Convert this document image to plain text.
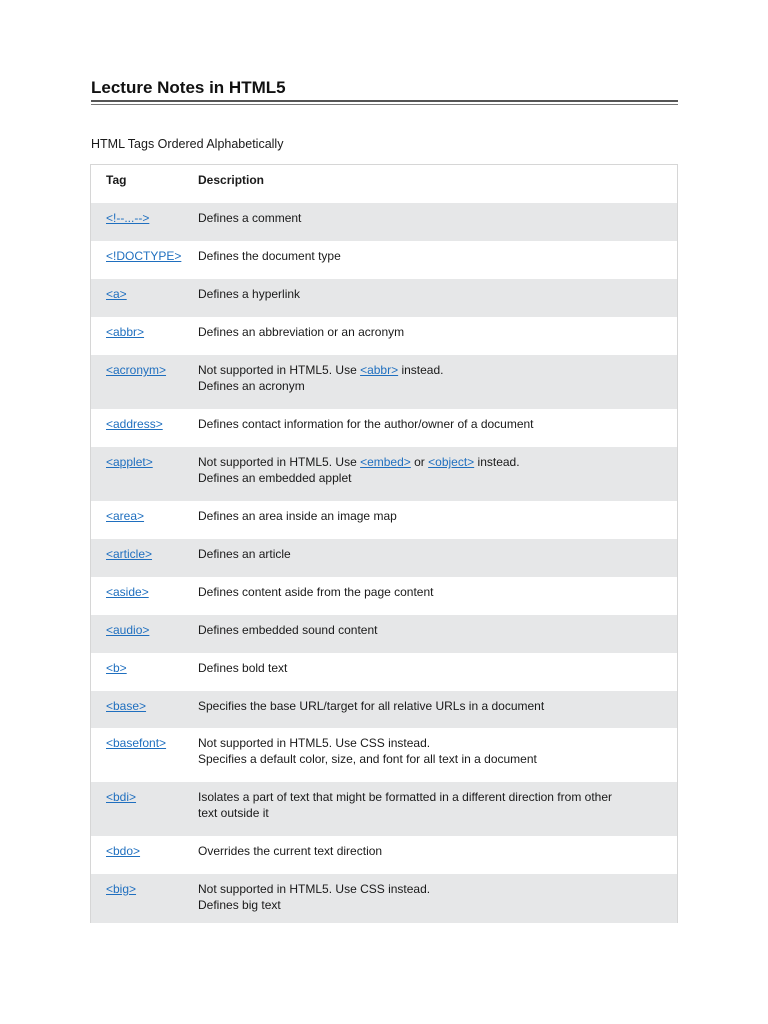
Lecture Notes in HTML5

HTML Tags Ordered Alphabetically

Tag	Description
<!--...-->	Defines a comment
<!DOCTYPE>	Defines the document type
<a>	Defines a hyperlink
<abbr>	Defines an abbreviation or an acronym
<acronym>	Not supported in HTML5. Use <abbr> instead.
Defines an acronym
<address>	Defines contact information for the author/owner of a document
<applet>	Not supported in HTML5. Use <embed> or <object> instead.
Defines an embedded applet
<area>	Defines an area inside an image map
<article>	Defines an article
<aside>	Defines content aside from the page content
<audio>	Defines embedded sound content
<b>	Defines bold text
<base>	Specifies the base URL/target for all relative URLs in a document
<basefont>	Not supported in HTML5. Use CSS instead.
Specifies a default color, size, and font for all text in a document
<bdi>	Isolates a part of text that might be formatted in a different direction from other
text outside it
<bdo>	Overrides the current text direction
<big>	Not supported in HTML5. Use CSS instead.
Defines big text
